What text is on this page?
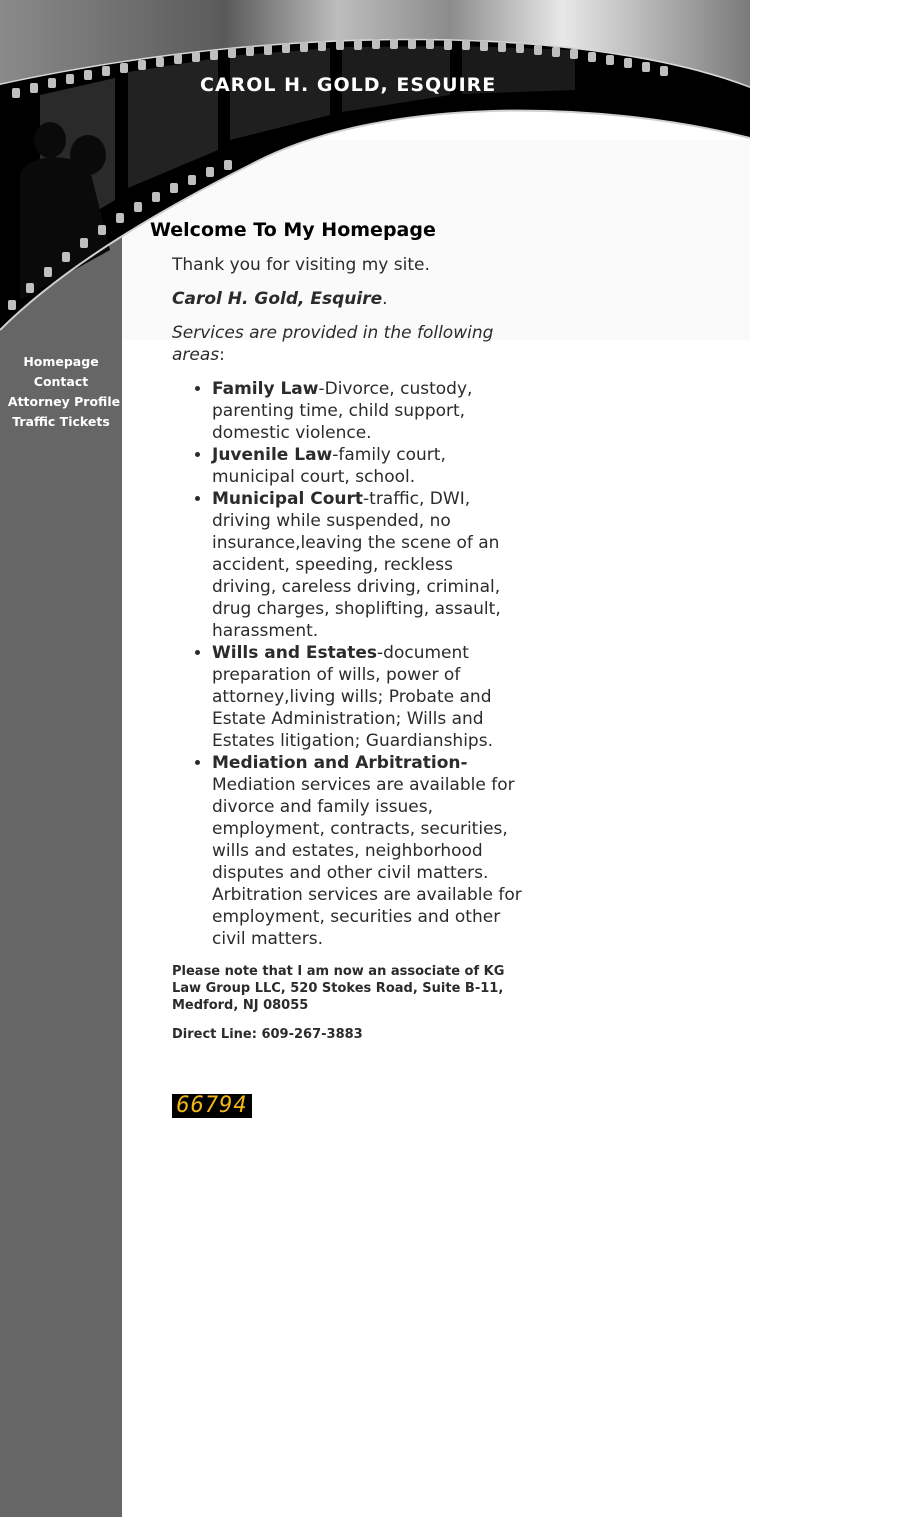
CAROL H. GOLD, ESQUIRE
Homepage
Contact
Attorney Profile
Traffic Tickets
Welcome To My Homepage

Thank you for visiting my site.

Carol H. Gold, Esquire.

Services are provided in the following areas:

• Family Law-Divorce, custody, parenting time, child support, domestic violence.
• Juvenile Law-family court, municipal court, school.
• Municipal Court-traffic, DWI, driving while suspended, no insurance,leaving the scene of an accident, speeding, reckless driving, careless driving, criminal, drug charges, shoplifting, assault, harassment.
• Wills and Estates-document preparation of wills, power of attorney,living wills; Probate and Estate Administration; Wills and Estates litigation; Guardianships.
• Mediation and Arbitration-
Mediation services are available for divorce and family issues, employment, contracts, securities, wills and estates, neighborhood disputes and other civil matters. Arbitration services are available for employment, securities and other civil matters.

Please note that I am now an associate of KG Law Group LLC, 520 Stokes Road, Suite B-11, Medford, NJ 08055

Direct Line: 609-267-3883

66794
